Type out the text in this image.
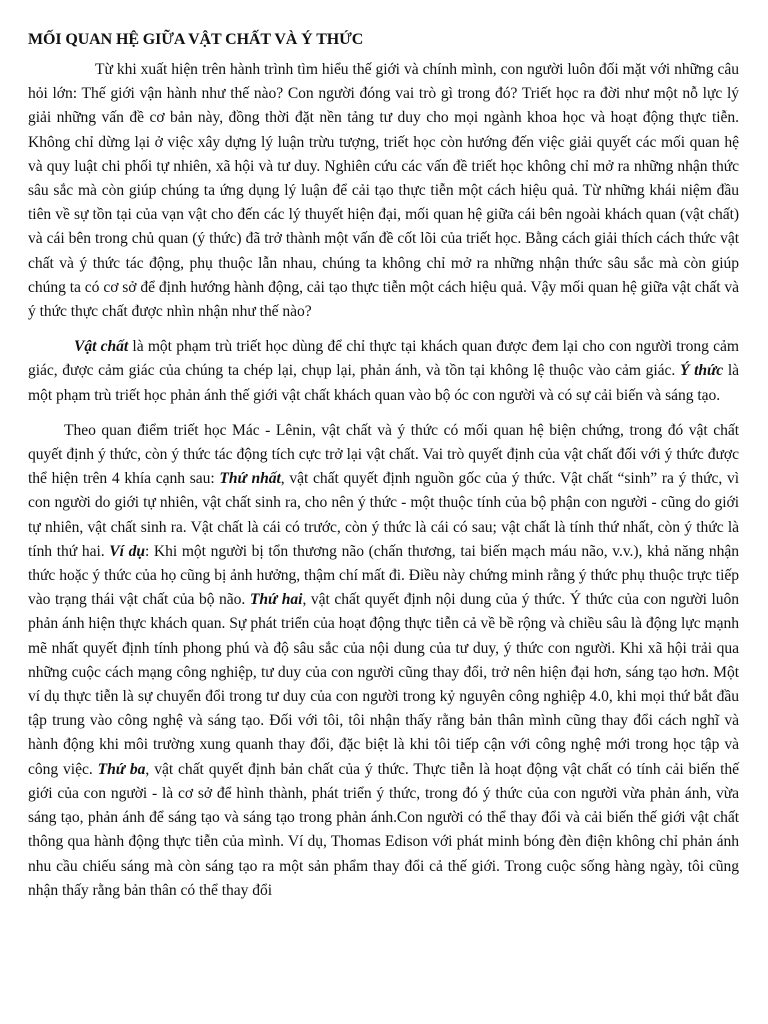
MỐI QUAN HỆ GIỮA VẬT CHẤT VÀ Ý THỨC

Từ khi xuất hiện trên hành trình tìm hiểu thế giới và chính mình, con người luôn đối mặt với những câu hỏi lớn: Thế giới vận hành như thế nào? Con người đóng vai trò gì trong đó? Triết học ra đời như một nỗ lực lý giải những vấn đề cơ bản này, đồng thời đặt nền tảng tư duy cho mọi ngành khoa học và hoạt động thực tiễn. Không chỉ dừng lại ở việc xây dựng lý luận trừu tượng, triết học còn hướng đến việc giải quyết các mối quan hệ và quy luật chi phối tự nhiên, xã hội và tư duy. Nghiên cứu các vấn đề triết học không chỉ mở ra những nhận thức sâu sắc mà còn giúp chúng ta ứng dụng lý luận để cải tạo thực tiễn một cách hiệu quả. Từ những khái niệm đầu tiên về sự tồn tại của vạn vật cho đến các lý thuyết hiện đại, mối quan hệ giữa cái bên ngoài khách quan (vật chất) và cái bên trong chủ quan (ý thức) đã trở thành một vấn đề cốt lõi của triết học. Bằng cách giải thích cách thức vật chất và ý thức tác động, phụ thuộc lẫn nhau, chúng ta không chỉ mở ra những nhận thức sâu sắc mà còn giúp chúng ta có cơ sở để định hướng hành động, cải tạo thực tiễn một cách hiệu quả. Vậy mối quan hệ giữa vật chất và ý thức thực chất được nhìn nhận như thế nào?

Vật chất là một phạm trù triết học dùng để chỉ thực tại khách quan được đem lại cho con người trong cảm giác, được cảm giác của chúng ta chép lại, chụp lại, phản ánh, và tồn tại không lệ thuộc vào cảm giác. Ý thức là một phạm trù triết học phản ánh thế giới vật chất khách quan vào bộ óc con người và có sự cải biến và sáng tạo.

Theo quan điểm triết học Mác - Lênin, vật chất và ý thức có mối quan hệ biện chứng, trong đó vật chất quyết định ý thức, còn ý thức tác động tích cực trở lại vật chất. Vai trò quyết định của vật chất đối với ý thức được thể hiện trên 4 khía cạnh sau: Thứ nhất, vật chất quyết định nguồn gốc của ý thức. Vật chất “sinh” ra ý thức, vì con người do giới tự nhiên, vật chất sinh ra, cho nên ý thức - một thuộc tính của bộ phận con người - cũng do giới tự nhiên, vật chất sinh ra. Vật chất là cái có trước, còn ý thức là cái có sau; vật chất là tính thứ nhất, còn ý thức là tính thứ hai. Ví dụ: Khi một người bị tổn thương não (chấn thương, tai biến mạch máu não, v.v.), khả năng nhận thức hoặc ý thức của họ cũng bị ảnh hưởng, thậm chí mất đi. Điều này chứng minh rằng ý thức phụ thuộc trực tiếp vào trạng thái vật chất của bộ não. Thứ hai, vật chất quyết định nội dung của ý thức. Ý thức của con người luôn phản ánh hiện thực khách quan. Sự phát triển của hoạt động thực tiễn cả về bề rộng và chiều sâu là động lực mạnh mẽ nhất quyết định tính phong phú và độ sâu sắc của nội dung của tư duy, ý thức con người. Khi xã hội trải qua những cuộc cách mạng công nghiệp, tư duy của con người cũng thay đổi, trở nên hiện đại hơn, sáng tạo hơn. Một ví dụ thực tiễn là sự chuyển đổi trong tư duy của con người trong kỷ nguyên công nghiệp 4.0, khi mọi thứ bắt đầu tập trung vào công nghệ và sáng tạo. Đối với tôi, tôi nhận thấy rằng bản thân mình cũng thay đổi cách nghĩ và hành động khi môi trường xung quanh thay đổi, đặc biệt là khi tôi tiếp cận với công nghệ mới trong học tập và công việc. Thứ ba, vật chất quyết định bản chất của ý thức. Thực tiễn là hoạt động vật chất có tính cải biến thế giới của con người - là cơ sở để hình thành, phát triển ý thức, trong đó ý thức của con người vừa phản ánh, vừa sáng tạo, phản ánh để sáng tạo và sáng tạo trong phản ánh.Con người có thể thay đổi và cải biến thế giới vật chất thông qua hành động thực tiễn của mình. Ví dụ, Thomas Edison với phát minh bóng đèn điện không chỉ phản ánh nhu cầu chiếu sáng mà còn sáng tạo ra một sản phẩm thay đổi cả thế giới. Trong cuộc sống hàng ngày, tôi cũng nhận thấy rằng bản thân có thể thay đổi
